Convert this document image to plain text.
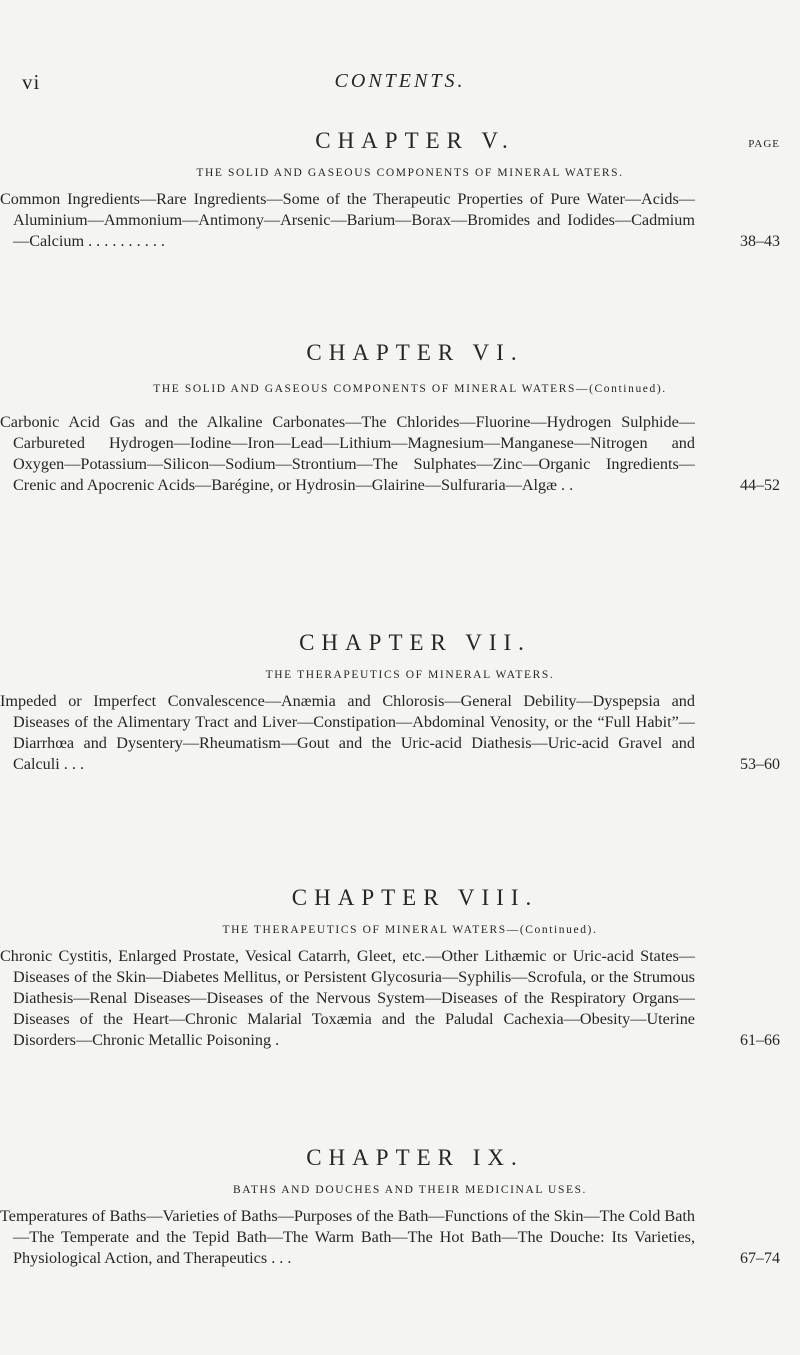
vi	CONTENTS.
PAGE
CHAPTER V.
THE SOLID AND GASEOUS COMPONENTS OF MINERAL WATERS.
Common Ingredients—Rare Ingredients—Some of the Therapeutic Properties of Pure Water—Acids—Aluminium—Ammonium—Antimony—Arsenic—Barium—Borax—Bromides and Iodides—Cadmium—Calcium . . . . . . . . . .	38–43
CHAPTER VI.
THE SOLID AND GASEOUS COMPONENTS OF MINERAL WATERS—(Continued).
Carbonic Acid Gas and the Alkaline Carbonates—The Chlorides—Fluorine—Hydrogen Sulphide—Carbureted Hydrogen—Iodine—Iron—Lead—Lithium—Magnesium—Manganese—Nitrogen and Oxygen—Potassium—Silicon—Sodium—Strontium—The Sulphates—Zinc—Organic Ingredients—Crenic and Apocrenic Acids—Barégine, or Hydrosin—Glairine—Sulfuraria—Algæ . .	44–52
CHAPTER VII.
THE THERAPEUTICS OF MINERAL WATERS.
Impeded or Imperfect Convalescence—Anæmia and Chlorosis—General Debility—Dyspepsia and Diseases of the Alimentary Tract and Liver—Constipation—Abdominal Venosity, or the “Full Habit”—Diarrhœa and Dysentery—Rheumatism—Gout and the Uric-acid Diathesis—Uric-acid Gravel and Calculi . . .	53–60
CHAPTER VIII.
THE THERAPEUTICS OF MINERAL WATERS—(Continued).
Chronic Cystitis, Enlarged Prostate, Vesical Catarrh, Gleet, etc.—Other Lithæmic or Uric-acid States—Diseases of the Skin—Diabetes Mellitus, or Persistent Glycosuria—Syphilis—Scrofula, or the Strumous Diathesis—Renal Diseases—Diseases of the Nervous System—Diseases of the Respiratory Organs—Diseases of the Heart—Chronic Malarial Toxæmia and the Paludal Cachexia—Obesity—Uterine Disorders—Chronic Metallic Poisoning .	61–66
CHAPTER IX.
BATHS AND DOUCHES AND THEIR MEDICINAL USES.
Temperatures of Baths—Varieties of Baths—Purposes of the Bath—Functions of the Skin—The Cold Bath—The Temperate and the Tepid Bath—The Warm Bath—The Hot Bath—The Douche: Its Varieties, Physiological Action, and Therapeutics . . .	67–74
